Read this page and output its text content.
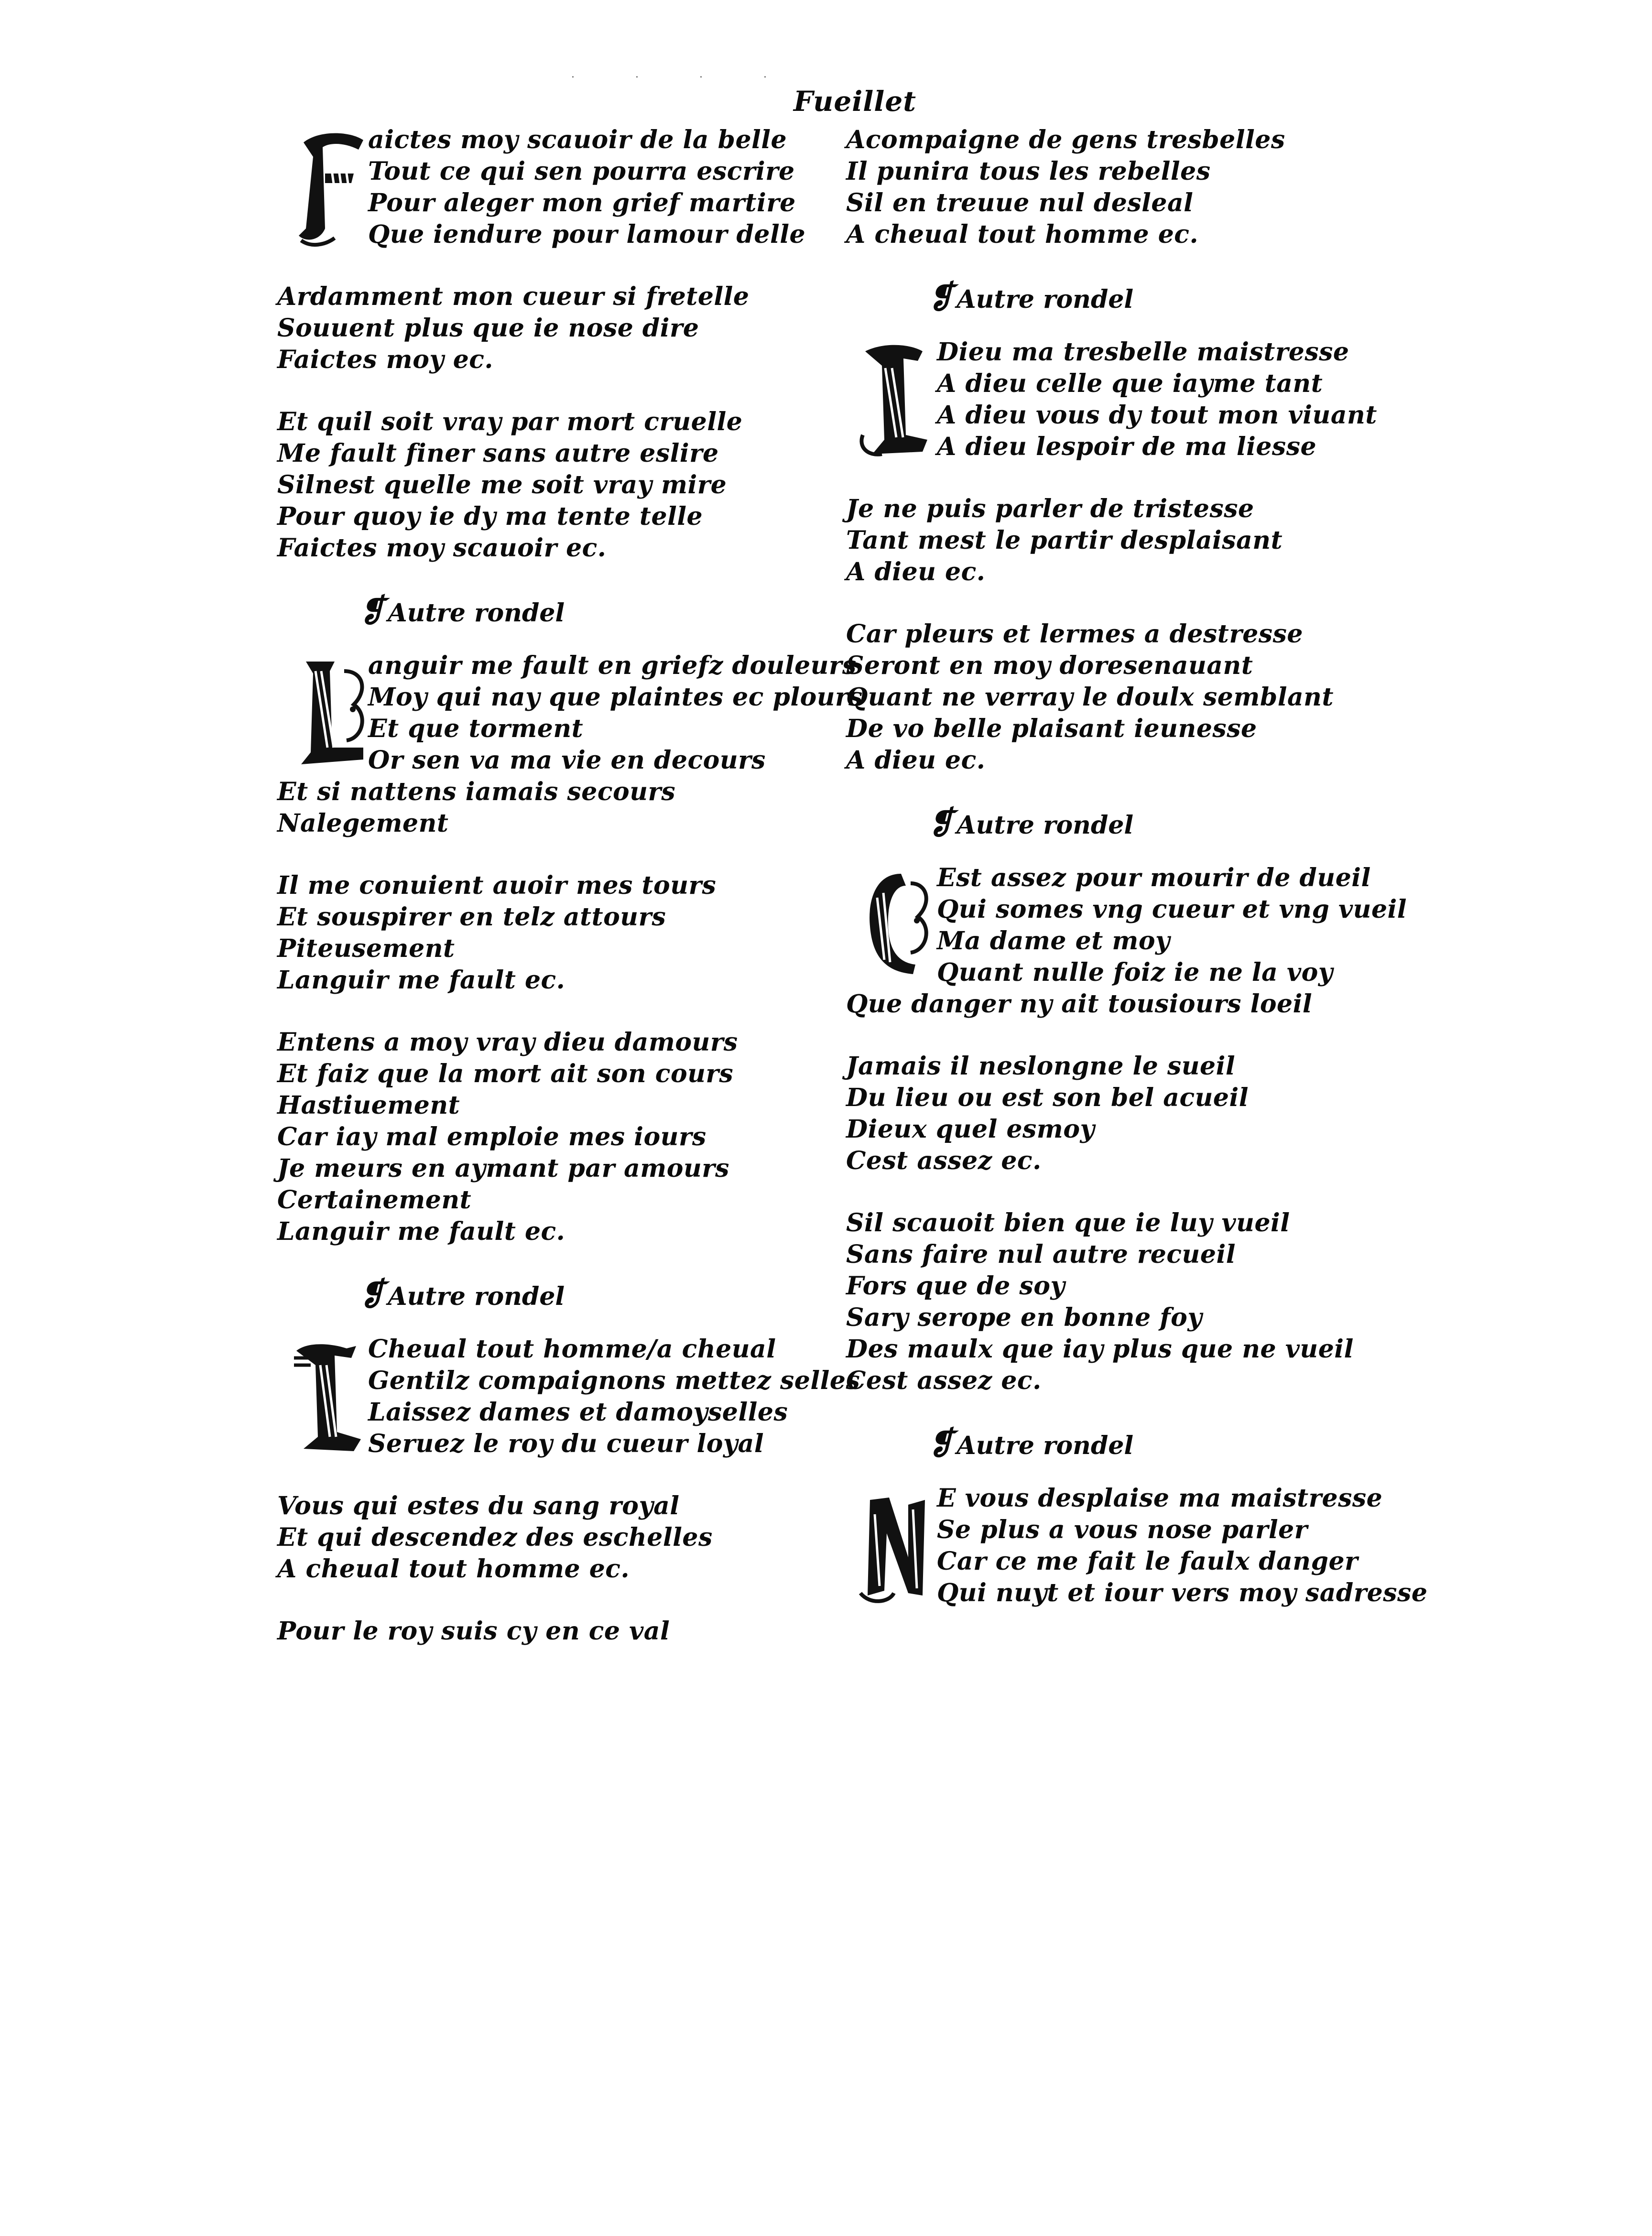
. . . .
Fueillet
aictes moy scauoir de la belle
Tout ce qui sen pourra escrire
Pour aleger mon grief martire
Que iendure pour lamour delle
Ardamment mon cueur si fretelle
Souuent plus que ie nose dire
Faictes moy ec.
Et quil soit vray par mort cruelle
Me fault finer sans autre eslire
Silnest quelle me soit vray mire
Pour quoy ie dy ma tente telle
Faictes moy scauoir ec.
❡ Autre rondel
anguir me fault en griefz douleurs
Moy qui nay que plaintes ec plours
Et que torment
Or sen va ma vie en decours
Et si nattens iamais secours
Nalegement
Il me conuient auoir mes tours
Et souspirer en telz attours
Piteusement
Languir me fault ec.
Entens a moy vray dieu damours
Et faiz que la mort ait son cours
Hastiuement
Car iay mal emploie mes iours
Je meurs en aymant par amours
Certainement
Languir me fault ec.
❡ Autre rondel
Cheual tout homme/a cheual
Gentilz compaignons mettez selles
Laissez dames et damoyselles
Seruez le roy du cueur loyal
Vous qui estes du sang royal
Et qui descendez des eschelles
A cheual tout homme ec.
Pour le roy suis cy en ce val
Acompaigne de gens tresbelles
Il punira tous les rebelles
Sil en treuue nul desleal
A cheual tout homme ec.
❡ Autre rondel
Dieu ma tresbelle maistresse
A dieu celle que iayme tant
A dieu vous dy tout mon viuant
A dieu lespoir de ma liesse
Je ne puis parler de tristesse
Tant mest le partir desplaisant
A dieu ec.
Car pleurs et lermes a destresse
Seront en moy doresenauant
Quant ne verray le doulx semblant
De vo belle plaisant ieunesse
A dieu ec.
❡ Autre rondel
Est assez pour mourir de dueil
Qui somes vng cueur et vng vueil
Ma dame et moy
Quant nulle foiz ie ne la voy
Que danger ny ait tousiours loeil
Jamais il neslongne le sueil
Du lieu ou est son bel acueil
Dieux quel esmoy
Cest assez ec.
Sil scauoit bien que ie luy vueil
Sans faire nul autre recueil
Fors que de soy
Sary serope en bonne foy
Des maulx que iay plus que ne vueil
Cest assez ec.
❡ Autre rondel
E vous desplaise ma maistresse
Se plus a vous nose parler
Car ce me fait le faulx danger
Qui nuyt et iour vers moy sadresse
